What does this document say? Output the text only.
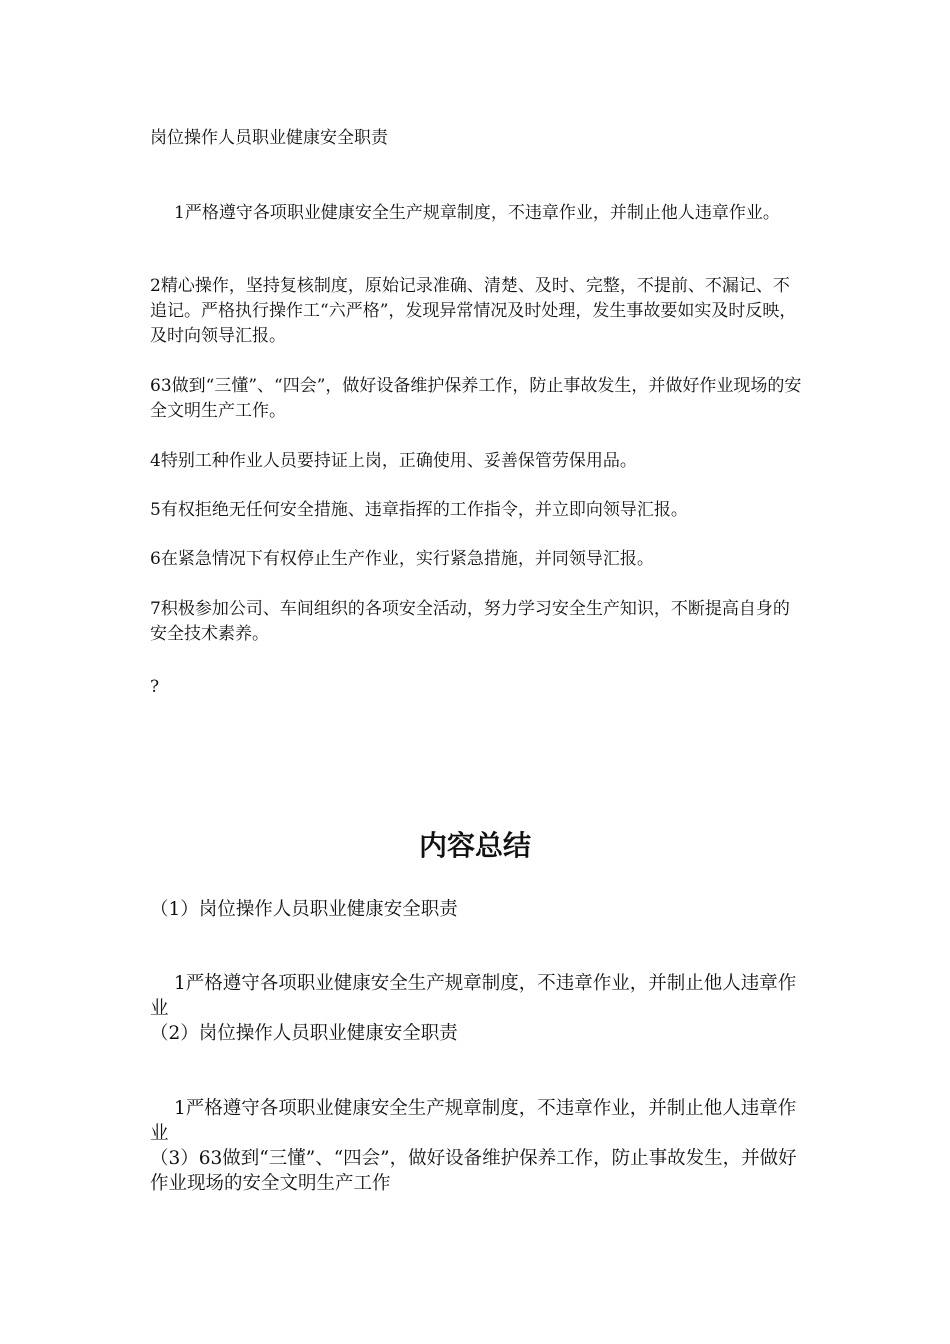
岗位操作人员职业健康安全职责

1严格遵守各项职业健康安全生产规章制度，不违章作业，并制止他人违章作业。

2精心操作，坚持复核制度，原始记录准确、清楚、及时、完整，不提前、不漏记、不追记。严格执行操作工“六严格”，发现异常情况及时处理，发生事故要如实及时反映，及时向领导汇报。

63做到“三懂”、“四会”，做好设备维护保养工作，防止事故发生，并做好作业现场的安全文明生产工作。

4特别工种作业人员要持证上岗，正确使用、妥善保管劳保用品。

5有权拒绝无任何安全措施、违章指挥的工作指令，并立即向领导汇报。

6在紧急情况下有权停止生产作业，实行紧急措施，并同领导汇报。

7积极参加公司、车间组织的各项安全活动，努力学习安全生产知识，不断提高自身的安全技术素养。

?

内容总结

（1）岗位操作人员职业健康安全职责

1严格遵守各项职业健康安全生产规章制度，不违章作业，并制止他人违章作业

（2）岗位操作人员职业健康安全职责

1严格遵守各项职业健康安全生产规章制度，不违章作业，并制止他人违章作业

（3）63做到“三懂”、“四会”，做好设备维护保养工作，防止事故发生，并做好作业现场的安全文明生产工作
